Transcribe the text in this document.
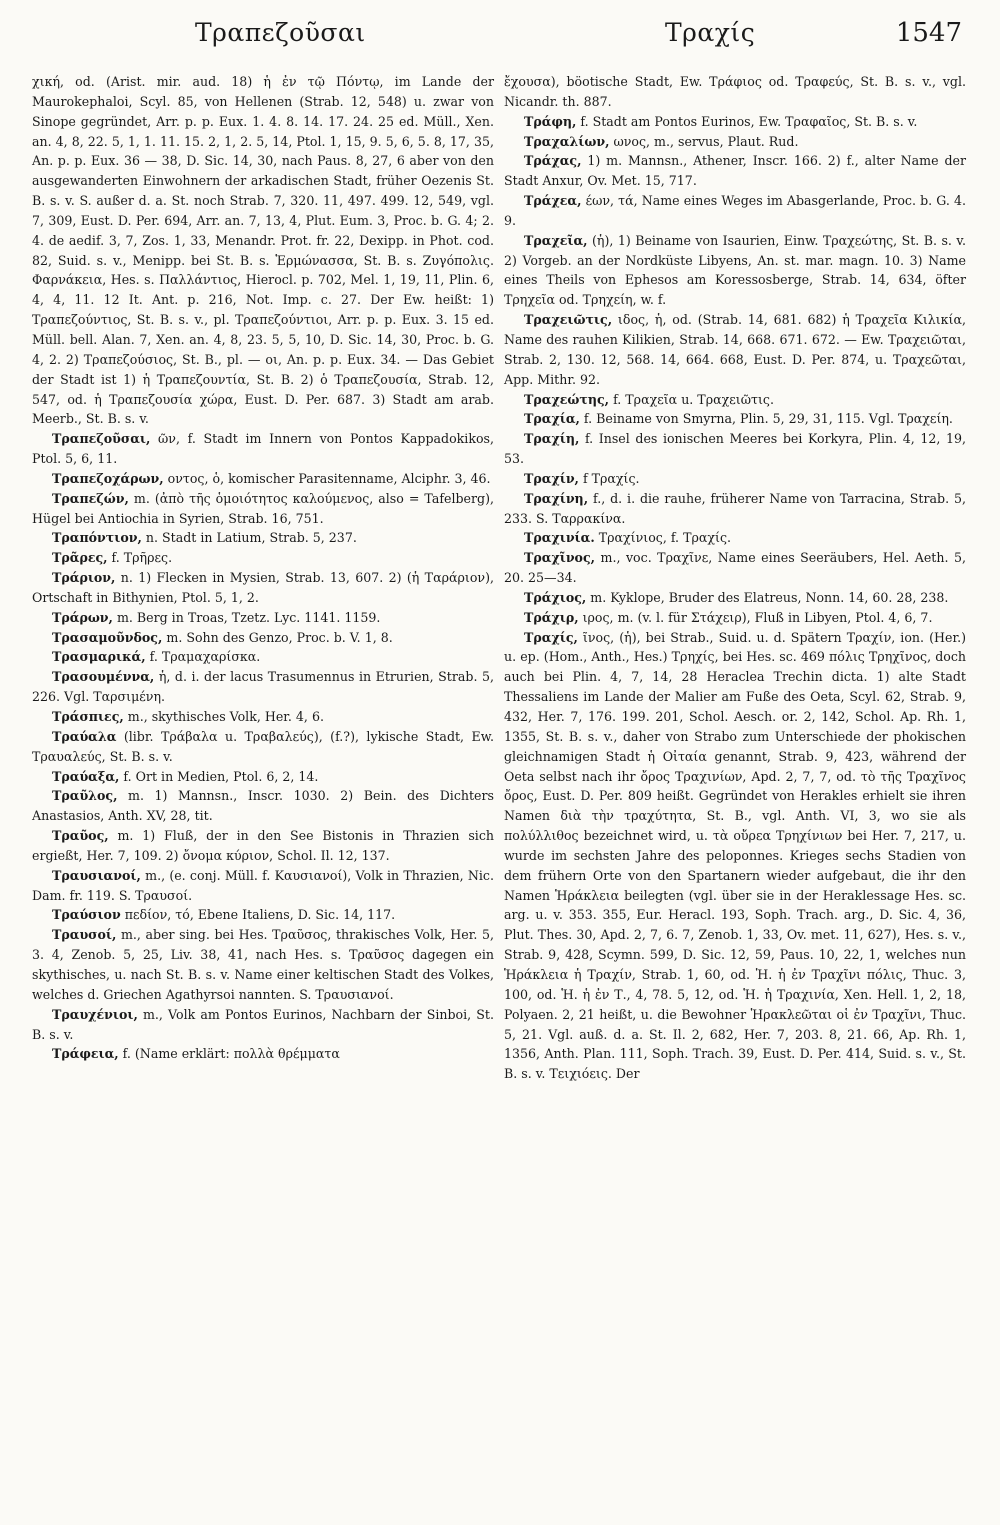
Τραπεζοῦσαι	Τραχίς	1547

χική, od. (Arist. mir. aud. 18) ἡ ἐν τῷ Πόντῳ, im Lande der Maurokephaloi, Scyl. 85, von Hellenen (Strab. 12, 548) u. zwar von Sinope gegründet, Arr. p. p. Eux. 1. 4. 8. 14. 17. 24. 25 ed. Müll., Xen. an. 4, 8, 22. 5, 1, 1. 11. 15. 2, 1, 2. 5, 14, Ptol. 1, 15, 9. 5, 6, 5. 8, 17, 35, An. p. p. Eux. 36 — 38, D. Sic. 14, 30, nach Paus. 8, 27, 6 aber von den ausgewanderten Einwohnern der arkadischen Stadt, früher Oezenis St. B. s. v. S. außer d. a. St. noch Strab. 7, 320. 11, 497. 499. 12, 549, vgl. 7, 309, Eust. D. Per. 694, Arr. an. 7, 13, 4, Plut. Eum. 3, Proc. b. G. 4; 2. 4. de aedif. 3, 7, Zos. 1, 33, Menandr. Prot. fr. 22, Dexipp. in Phot. cod. 82, Suid. s. v., Menipp. bei St. B. s. Ἑρμώνασσα, St. B. s. Ζυγόπολις. Φαρνάκεια, Hes. s. Παλλάντιος, Hierocl. p. 702, Mel. 1, 19, 11, Plin. 6, 4, 4, 11. 12 It. Ant. p. 216, Not. Imp. c. 27. Der Ew. heißt: 1) Τραπεζούντιος, St. B. s. v., pl. Τραπεζούντιοι, Arr. p. p. Eux. 3. 15 ed. Müll. bell. Alan. 7, Xen. an. 4, 8, 23. 5, 5, 10, D. Sic. 14, 30, Proc. b. G. 4, 2. 2) Τραπεζούσιος, St. B., pl. — οι, An. p. p. Eux. 34. — Das Gebiet der Stadt ist 1) ἡ Τραπεζουντία, St. B. 2) ὁ Τραπεζουσία, Strab. 12, 547, od. ἡ Τραπεζουσία χώρα, Eust. D. Per. 687. 3) Stadt am arab. Meerb., St. B. s. v.

Τραπεζοῦσαι, ῶν, f. Stadt im Innern von Pontos Kappadokikos, Ptol. 5, 6, 11.

Τραπεζοχάρων, οντος, ὁ, komischer Parasitenname, Alciphr. 3, 46.

Τραπεζών, m. (ἀπὸ τῆς ὁμοιότητος καλούμενος, also = Tafelberg), Hügel bei Antiochia in Syrien, Strab. 16, 751.

Τραπόντιον, n. Stadt in Latium, Strab. 5, 237.

Τρᾶρες, f. Τρῆρες.

Τράριον, n. 1) Flecken in Mysien, Strab. 13, 607. 2) (ἡ Ταράριον), Ortschaft in Bithynien, Ptol. 5, 1, 2.

Τράρων, m. Berg in Troas, Tzetz. Lyc. 1141. 1159.

Τρασαμοῦνδος, m. Sohn des Genzo, Proc. b. V. 1, 8.

Τρασμαρικά, f. Τραμαχαρίσκα.

Τρασουμέννα, ἡ, d. i. der lacus Trasumennus in Etrurien, Strab. 5, 226. Vgl. Ταρσιμένη.

Τράσπιες, m., skythisches Volk, Her. 4, 6.

Τραύαλα (libr. Τράβαλα u. Τραβαλεύς), (f.?), lykische Stadt, Ew. Τραυαλεύς, St. B. s. v.

Τραύαξα, f. Ort in Medien, Ptol. 6, 2, 14.

Τραῦλος, m. 1) Mannsn., Inscr. 1030. 2) Bein. des Dichters Anastasios, Anth. XV, 28, tit.

Τραῦος, m. 1) Fluß, der in den See Bistonis in Thrazien sich ergießt, Her. 7, 109. 2) ὄνομα κύριον, Schol. Il. 12, 137.

Τραυσιανοί, m., (e. conj. Müll. f. Καυσιανοί), Volk in Thrazien, Nic. Dam. fr. 119. S. Τραυσοί.

Τραύσιον πεδίον, τό, Ebene Italiens, D. Sic. 14, 117.

Τραυσοί, m., aber sing. bei Hes. Τραῦσος, thrakisches Volk, Her. 5, 3. 4, Zenob. 5, 25, Liv. 38, 41, nach Hes. s. Τραῦσος dagegen ein skythisches, u. nach St. B. s. v. Name einer keltischen Stadt des Volkes, welches d. Griechen Agathyrsoi nannten. S. Τραυσιανοί.

Τραυχένιοι, m., Volk am Pontos Eurinos, Nachbarn der Sinboi, St. B. s. v.

Τράφεια, f. (Name erklärt: πολλὰ θρέμματα

ἔχουσα), böotische Stadt, Ew. Τράφιος od. Τραφεύς, St. B. s. v., vgl. Nicandr. th. 887.

Τράφη, f. Stadt am Pontos Eurinos, Ew. Τραφαῖος, St. B. s. v.

Τραχαλίων, ωνος, m., servus, Plaut. Rud.

Τράχας, 1) m. Mannsn., Athener, Inscr. 166. 2) f., alter Name der Stadt Anxur, Ov. Met. 15, 717.

Τράχεα, έων, τά, Name eines Weges im Abasgerlande, Proc. b. G. 4. 9.

Τραχεῖα, (ἡ), 1) Beiname von Isaurien, Einw. Τραχεώτης, St. B. s. v. 2) Vorgeb. an der Nordküste Libyens, An. st. mar. magn. 10. 3) Name eines Theils von Ephesos am Koressosberge, Strab. 14, 634, öfter Τρηχεῖα od. Τρηχείη, w. f.

Τραχειῶτις, ιδος, ἡ, od. (Strab. 14, 681. 682) ἡ Τραχεῖα Κιλικία, Name des rauhen Kilikien, Strab. 14, 668. 671. 672. — Ew. Τραχειῶται, Strab. 2, 130. 12, 568. 14, 664. 668, Eust. D. Per. 874, u. Τραχεῶται, App. Mithr. 92.

Τραχεώτης, f. Τραχεῖα u. Τραχειῶτις.

Τραχία, f. Beiname von Smyrna, Plin. 5, 29, 31, 115. Vgl. Τραχείη.

Τραχίη, f. Insel des ionischen Meeres bei Korkyra, Plin. 4, 12, 19, 53.

Τραχίν, f Τραχίς.

Τραχίνη, f., d. i. die rauhe, früherer Name von Tarracina, Strab. 5, 233. S. Ταρρακίνα.

Τραχινία. Τραχίνιος, f. Τραχίς.

Τραχῖνος, m., voc. Τραχῖνε, Name eines Seeräubers, Hel. Aeth. 5, 20. 25—34.

Τράχιος, m. Kyklope, Bruder des Elatreus, Nonn. 14, 60. 28, 238.

Τράχιρ, ιρος, m. (v. l. für Στάχειρ), Fluß in Libyen, Ptol. 4, 6, 7.

Τραχίς, ῖνος, (ἡ), bei Strab., Suid. u. d. Spätern Τραχίν, ion. (Her.) u. ep. (Hom., Anth., Hes.) Τρηχίς, bei Hes. sc. 469 πόλις Τρηχῖνος, doch auch bei Plin. 4, 7, 14, 28 Heraclea Trechin dicta. 1) alte Stadt Thessaliens im Lande der Malier am Fuße des Oeta, Scyl. 62, Strab. 9, 432, Her. 7, 176. 199. 201, Schol. Aesch. or. 2, 142, Schol. Ap. Rh. 1, 1355, St. B. s. v., daher von Strabo zum Unterschiede der phokischen gleichnamigen Stadt ἡ Οἰταία genannt, Strab. 9, 423, während der Oeta selbst nach ihr ὄρος Τραχινίων, Apd. 2, 7, 7, od. τὸ τῆς Τραχῖνος ὄρος, Eust. D. Per. 809 heißt. Gegründet von Herakles erhielt sie ihren Namen διὰ τὴν τραχύτητα, St. B., vgl. Anth. VI, 3, wo sie als πολύλλιθος bezeichnet wird, u. τὰ οὔρεα Τρηχίνιων bei Her. 7, 217, u. wurde im sechsten Jahre des peloponnes. Krieges sechs Stadien von dem frühern Orte von den Spartanern wieder aufgebaut, die ihr den Namen Ἡράκλεια beilegten (vgl. über sie in der Heraklessage Hes. sc. arg. u. v. 353. 355, Eur. Heracl. 193, Soph. Trach. arg., D. Sic. 4, 36, Plut. Thes. 30, Apd. 2, 7, 6. 7, Zenob. 1, 33, Ov. met. 11, 627), Hes. s. v., Strab. 9, 428, Scymn. 599, D. Sic. 12, 59, Paus. 10, 22, 1, welches nun Ἡράκλεια ἡ Τραχίν, Strab. 1, 60, od. Ἡ. ἡ ἐν Τραχῖνι πόλις, Thuc. 3, 100, od. Ἡ. ἡ ἐν Τ., 4, 78. 5, 12, od. Ἡ. ἡ Τραχινία, Xen. Hell. 1, 2, 18, Polyaen. 2, 21 heißt, u. die Bewohner Ἡρακλεῶται οἱ ἐν Τραχῖνι, Thuc. 5, 21. Vgl. auß. d. a. St. Il. 2, 682, Her. 7, 203. 8, 21. 66, Ap. Rh. 1, 1356, Anth. Plan. 111, Soph. Trach. 39, Eust. D. Per. 414, Suid. s. v., St. B. s. v. Τειχιόεις. Der
